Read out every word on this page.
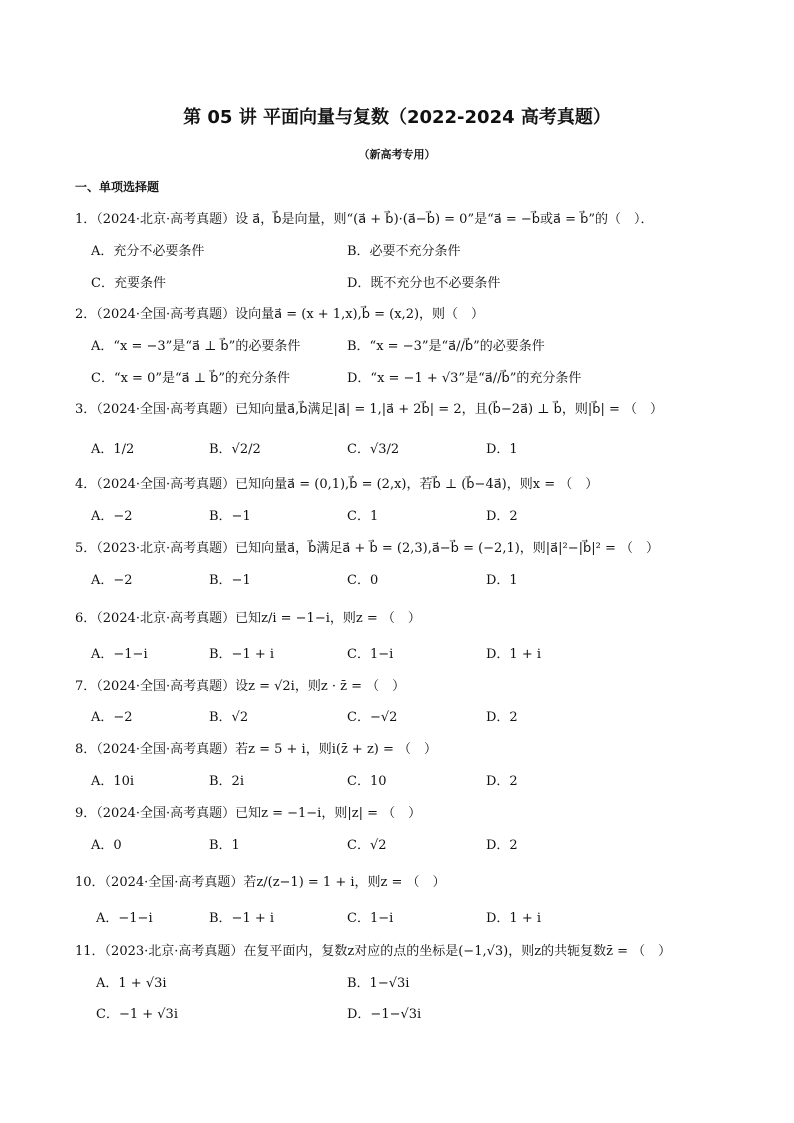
第 05 讲 平面向量与复数（2022-2024 高考真题）
（新高考专用）
一、单项选择题
1．（2024·北京·高考真题）设 a⃗，b⃗是向量，则“(a⃗ + b⃗)·(a⃗−b⃗) = 0”是“a⃗ = −b⃗或a⃗ = b⃗”的（　）．
A．充分不必要条件	B．必要不充分条件
C．充要条件	D．既不充分也不必要条件
2．（2024·全国·高考真题）设向量a⃗ = (x + 1,x),b⃗ = (x,2)，则（　）
A．“x = −3”是“a⃗ ⊥ b⃗”的必要条件	B．“x = −3”是“a⃗//b⃗”的必要条件
C．“x = 0”是“a⃗ ⊥ b⃗”的充分条件	D．“x = −1 + √3”是“a⃗//b⃗”的充分条件
3．（2024·全国·高考真题）已知向量a⃗,b⃗满足|a⃗| = 1,|a⃗ + 2b⃗| = 2，且(b⃗−2a⃗) ⊥ b⃗，则|b⃗| = （　）
A．1/2	B．√2/2	C．√3/2	D．1
4．（2024·全国·高考真题）已知向量a⃗ = (0,1),b⃗ = (2,x)，若b⃗ ⊥ (b⃗−4a⃗)，则x = （　）
A．−2	B．−1	C．1	D．2
5．（2023·北京·高考真题）已知向量a⃗，b⃗满足a⃗ + b⃗ = (2,3),a⃗−b⃗ = (−2,1)，则|a⃗|²−|b⃗|² = （　）
A．−2	B．−1	C．0	D．1
6．（2024·北京·高考真题）已知z/i = −1−i，则z = （　）
A．−1−i	B．−1 + i	C．1−i	D．1 + i
7．（2024·全国·高考真题）设z = √2i，则z · z̄ = （　）
A．−2	B．√2	C．−√2	D．2
8．（2024·全国·高考真题）若z = 5 + i，则i(z̄ + z) = （　）
A．10i	B．2i	C．10	D．2
9．（2024·全国·高考真题）已知z = −1−i，则|z| = （　）
A．0	B．1	C．√2	D．2
10．（2024·全国·高考真题）若z/(z−1) = 1 + i，则z = （　）
A．−1−i	B．−1 + i	C．1−i	D．1 + i
11．（2023·北京·高考真题）在复平面内，复数z对应的点的坐标是(−1,√3)，则z的共轭复数z̄ = （　）
A．1 + √3i	B．1−√3i
C．−1 + √3i	D．−1−√3i
